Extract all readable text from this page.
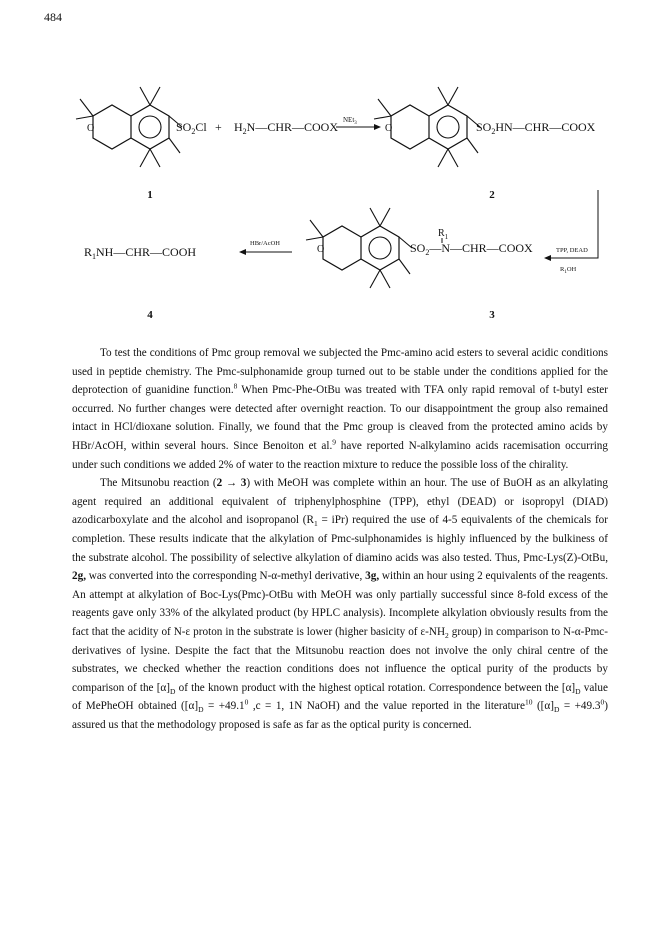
484
O	$SO_2Cl$ + $H_2N—CHR—COOX$ NEt$_3$	O	$SO_2HN—CHR—COOX$
1	2
TPP, DEAD
$R_1OH$
O	$SO_2—N—CHR—COOX$
$R_1$
HBr/AcOH
$R_1NH—CHR—COOH$
4	3

To test the conditions of Pmc group removal we subjected the Pmc-amino acid esters to several acidic conditions used in peptide chemistry. The Pmc-sulphonamide group turned out to be stable under the conditions applied for the deprotection of guanidine function.$^8$ When Pmc-Phe-OtBu was treated with TFA only rapid removal of t-butyl ester occurred. No further changes were detected after overnight reaction. To our disappointment the group also remained intact in HCl/dioxane solution. Finally, we found that the Pmc group is cleaved from the protected amino acids by HBr/AcOH, within several hours. Since Benoiton et al.$^9$ have reported N-alkylamino acids racemisation occurring under such conditions we added 2% of water to the reaction mixture to reduce the possible loss of the chirality.

The Mitsunobu reaction (2 → 3) with MeOH was complete within an hour. The use of BuOH as an alkylating agent required an additional equivalent of triphenylphosphine (TPP), ethyl (DEAD) or isopropyl (DIAD) azodicarboxylate and the alcohol and isopropanol $(R_1 = iPr)$ required the use of 4-5 equivalents of the chemicals for completion. These results indicate that the alkylation of Pmc-sulphonamides is highly influenced by the bulkiness of the substrate alcohol. The possibility of selective alkylation of diamino acids was also tested. Thus, Pmc-Lys(Z)-OtBu, 2g, was converted into the corresponding N-α-methyl derivative, 3g, within an hour using 2 equivalents of the reagents. An attempt at alkylation of Boc-Lys(Pmc)-OtBu with MeOH was only partially successful since 8-fold excess of the reagents gave only 33% of the alkylated product (by HPLC analysis). Incomplete alkylation obviously results from the fact that the acidity of N-ε proton in the substrate is lower (higher basicity of $\varepsilon-NH_2$ group) in comparison to N-α-Pmc-derivatives of lysine. Despite the fact that the Mitsunobu reaction does not involve the only chiral centre of the substrates, we checked whether the reaction conditions does not influence the optical purity of the products by comparison of the $[\alpha]_D$ of the known product with the highest optical rotation. Correspondence between the $[\alpha]_D$ value of MePheOH obtained ($[\alpha]_D = +49.1^0$ ,c = 1, 1N NaOH) and the value reported in the literature$^{10}$ $([\alpha]_D = +49.3^0)$ assured us that the methodology proposed is safe as far as the optical purity is concerned.
